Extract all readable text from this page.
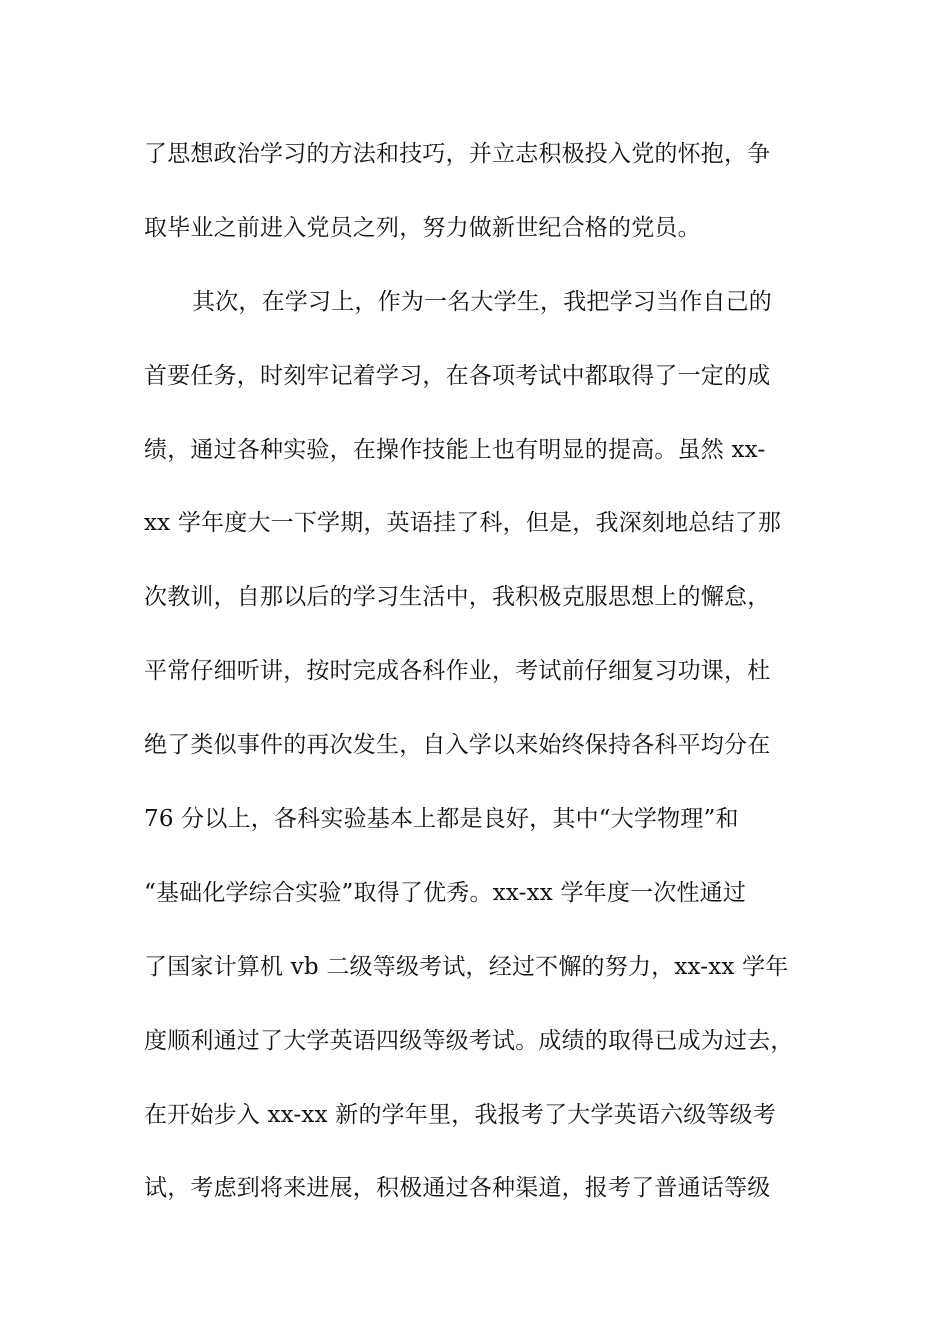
了思想政治学习的方法和技巧，并立志积极投入党的怀抱，争
取毕业之前进入党员之列，努力做新世纪合格的党员。
其次，在学习上，作为一名大学生，我把学习当作自己的
首要任务，时刻牢记着学习，在各项考试中都取得了一定的成
绩，通过各种实验，在操作技能上也有明显的提高。虽然 xx-
xx 学年度大一下学期，英语挂了科，但是，我深刻地总结了那
次教训，自那以后的学习生活中，我积极克服思想上的懈怠，
平常仔细听讲，按时完成各科作业，考试前仔细复习功课，杜
绝了类似事件的再次发生，自入学以来始终保持各科平均分在
76 分以上，各科实验基本上都是良好，其中“大学物理”和
“基础化学综合实验”取得了优秀。xx-xx 学年度一次性通过
了国家计算机 vb 二级等级考试，经过不懈的努力，xx-xx 学年
度顺利通过了大学英语四级等级考试。成绩的取得已成为过去，
在开始步入 xx-xx 新的学年里，我报考了大学英语六级等级考
试，考虑到将来进展，积极通过各种渠道，报考了普通话等级
